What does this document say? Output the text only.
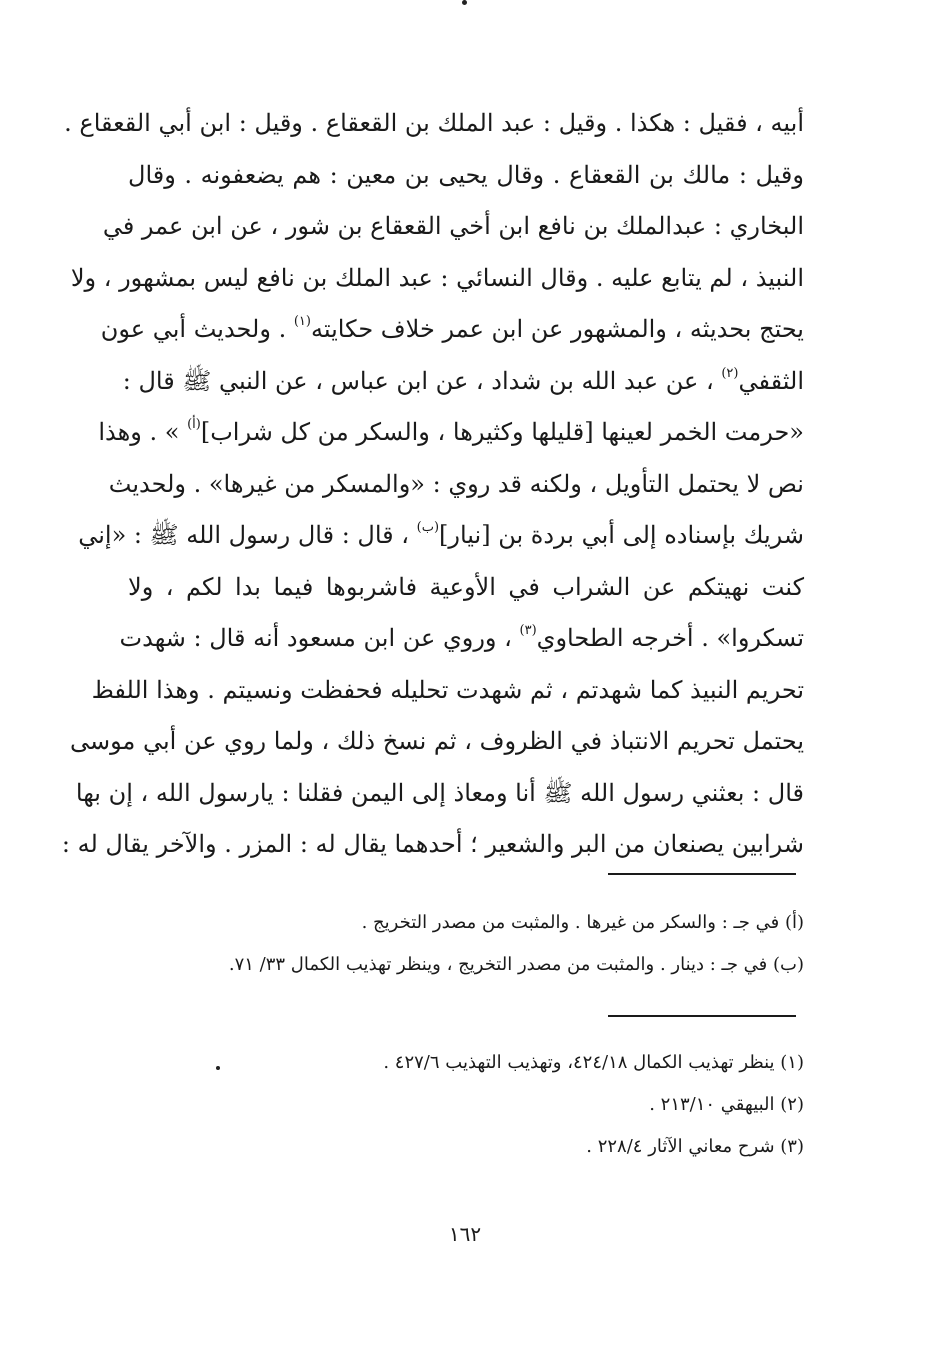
أبيه ، فقيل : هكذا . وقيل : عبد الملك بن القعقاع . وقيل : ابن أبي القعقاع .
وقيل : مالك بن القعقاع . وقال يحيى بن معين : هم يضعفونه . وقال
البخاري : عبدالملك بن نافع ابن أخي القعقاع بن شور ، عن ابن عمر في
النبيذ ، لم يتابع عليه . وقال النسائي : عبد الملك بن نافع ليس بمشهور ، ولا
يحتج بحديثه ، والمشهور عن ابن عمر خلاف حكايته$^{(١)}$ . ولحديث أبي عون
الثقفي$^{(٢)}$ ، عن عبد الله بن شداد ، عن ابن عباس ، عن النبي ﷺ قال :
«حرمت الخمر لعينها [قليلها وكثيرها ، والسكر من كل شراب]$^{(أ)}$ » . وهذا
نص لا يحتمل التأويل ، ولكنه قد روي : «والمسكر من غيرها» . ولحديث
شريك بإسناده إلى أبي بردة بن [نيار]$^{(ب)}$ ، قال : قال رسول الله ﷺ : «إني
كنت نهيتكم عن الشراب في الأوعية فاشربوها فيما بدا لكم ، ولا
تسكروا» . أخرجه الطحاوي$^{(٣)}$ ، وروي عن ابن مسعود أنه قال : شهدت
تحريم النبيذ كما شهدتم ، ثم شهدت تحليله فحفظت ونسيتم . وهذا اللفظ
يحتمل تحريم الانتباذ في الظروف ، ثم نسخ ذلك ، ولما روي عن أبي موسى
قال : بعثني رسول الله ﷺ أنا ومعاذ إلى اليمن فقلنا : يارسول الله ، إن بها
شرابين يصنعان من البر والشعير ؛ أحدهما يقال له : المزر . والآخر يقال له :
(أ) في جـ : والسكر من غيرها . والمثبت من مصدر التخريج .
(ب) في جـ : دينار . والمثبت من مصدر التخريج ، وينظر تهذيب الكمال ٣٣/ ٧١.
(١) ينظر تهذيب الكمال ٤٢٤/١٨، وتهذيب التهذيب ٤٢٧/٦ .
(٢) البيهقي ٢١٣/١٠ .
(٣) شرح معاني الآثار ٢٢٨/٤ .
١٦٢
